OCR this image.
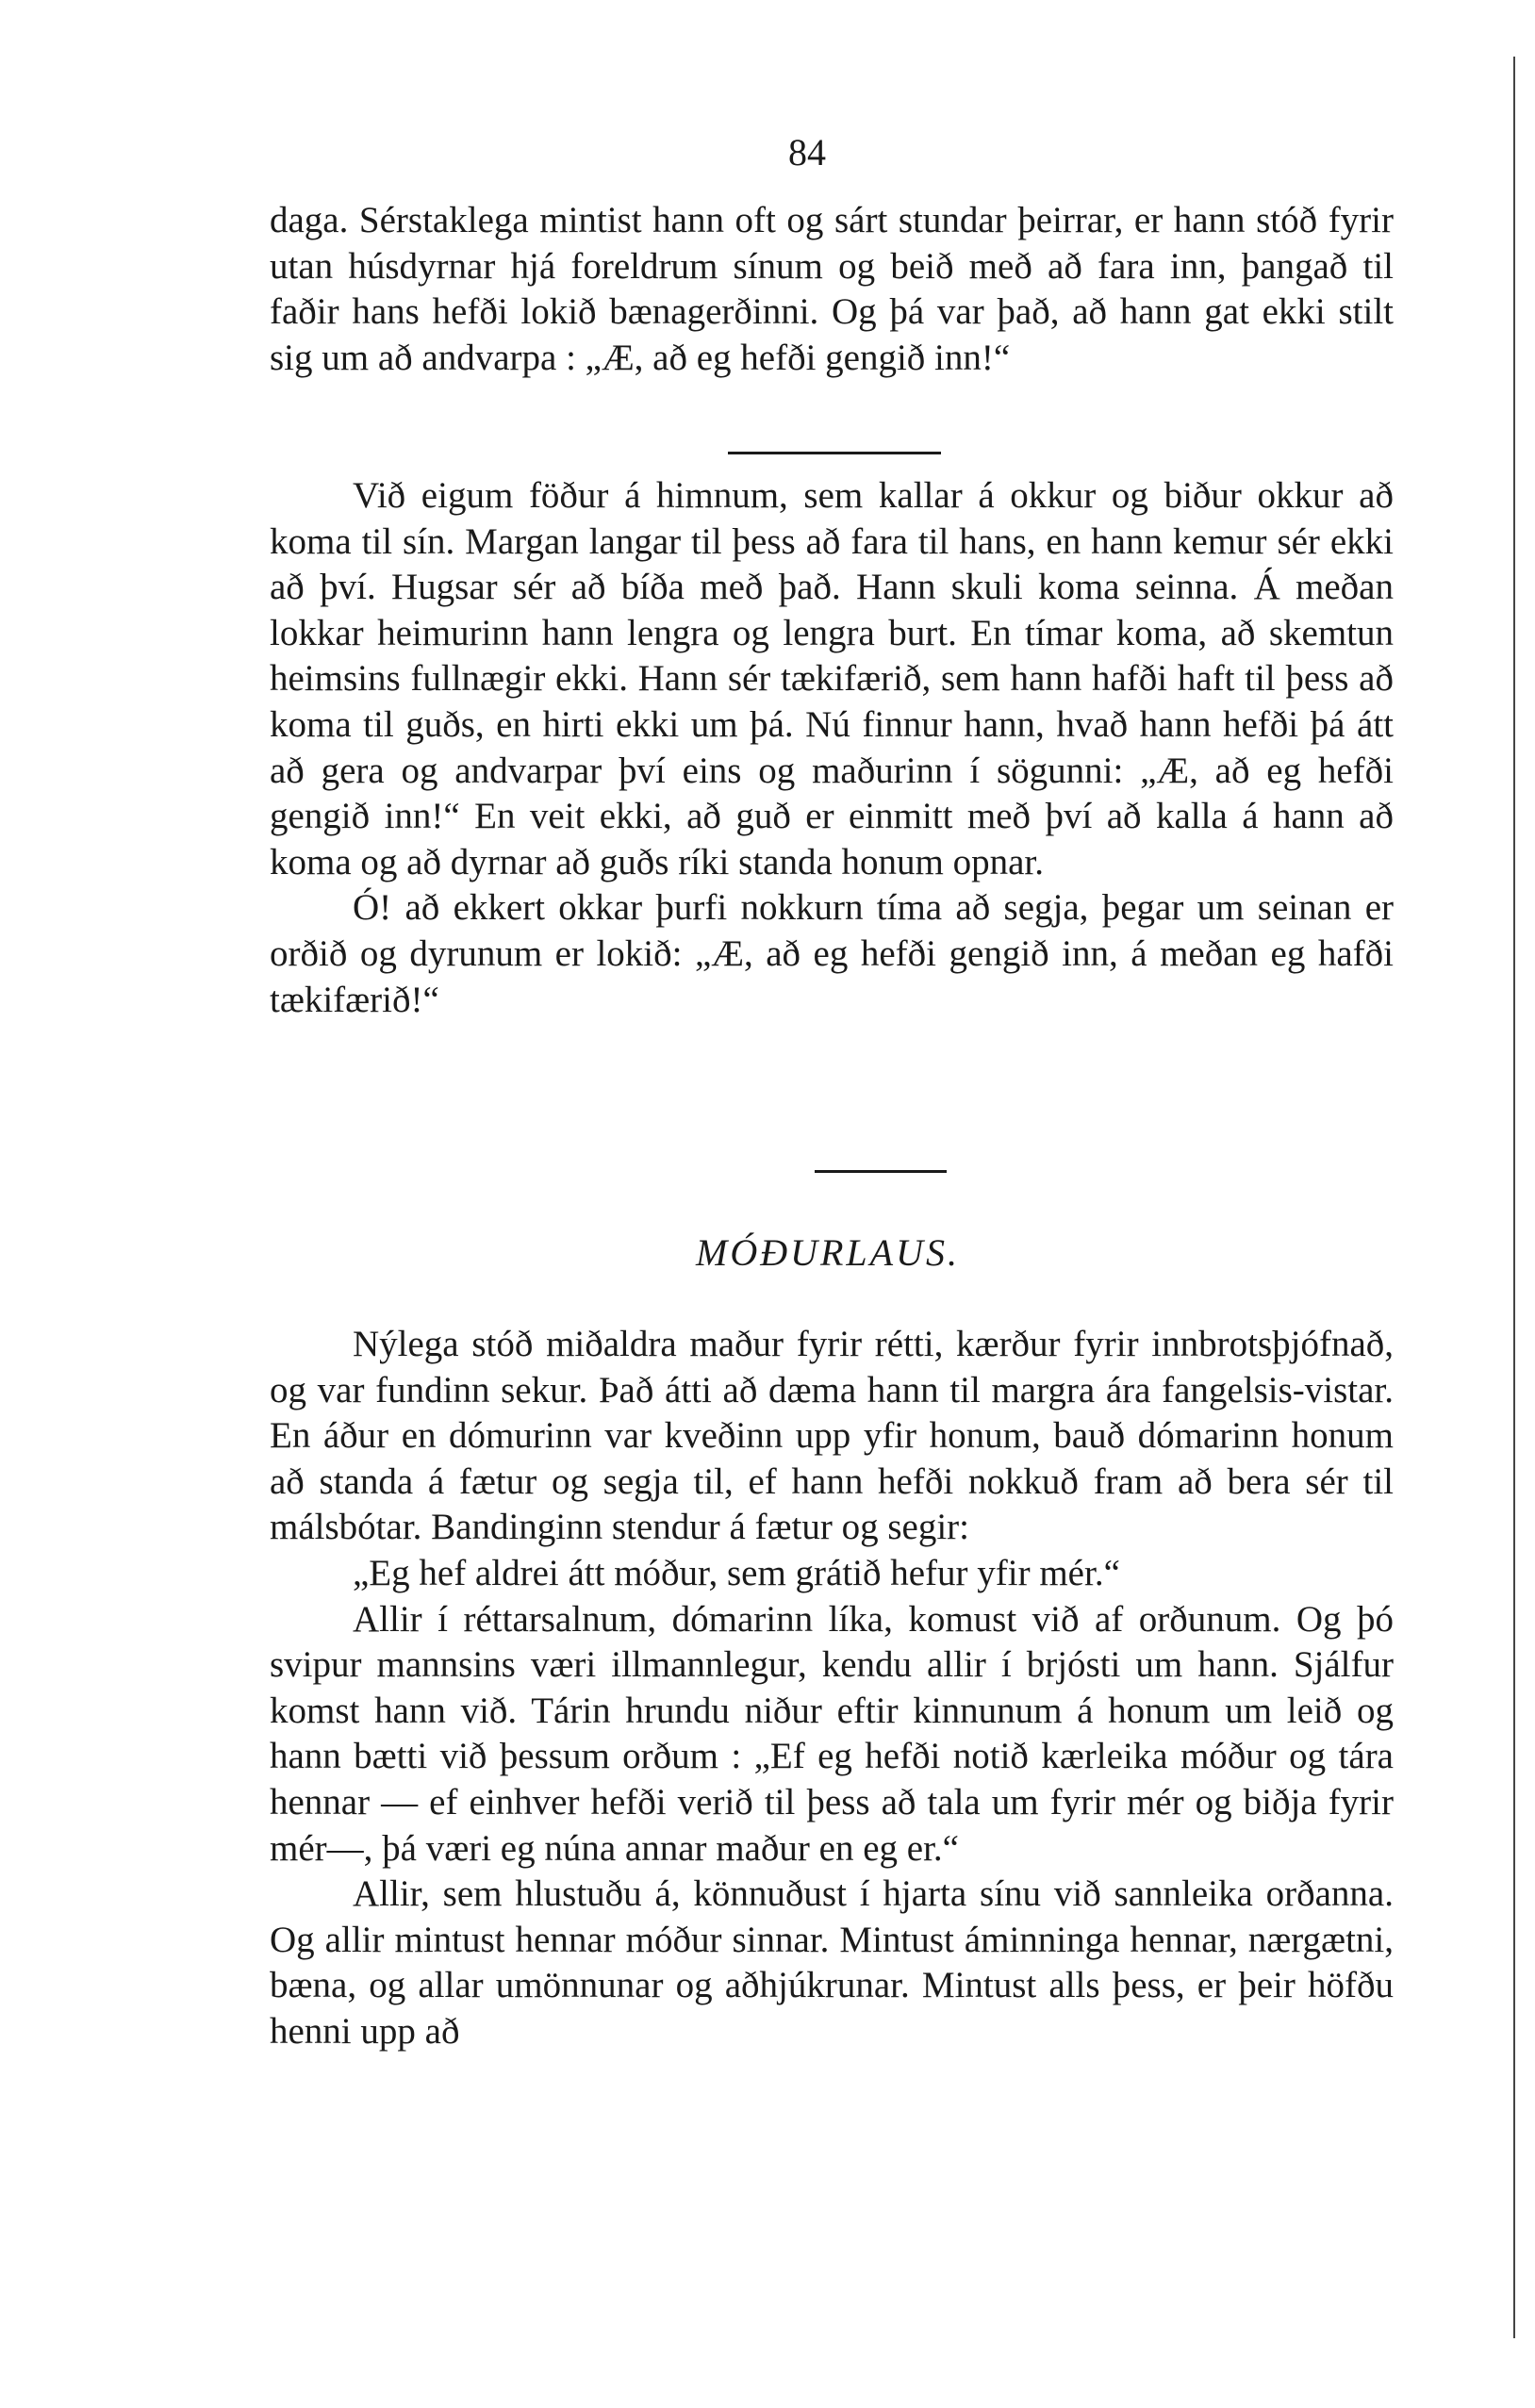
84

daga. Sérstaklega mintist hann oft og sárt stundar þeirrar, er hann stóð fyrir utan húsdyrnar hjá foreldrum sínum og beið með að fara inn, þangað til faðir hans hefði lokið bænagerðinni. Og þá var það, að hann gat ekki stilt sig um að andvarpa : „Æ, að eg hefði gengið inn!“

Við eigum föður á himnum, sem kallar á okkur og biður okkur að koma til sín. Margan langar til þess að fara til hans, en hann kemur sér ekki að því. Hugsar sér að bíða með það. Hann skuli koma seinna. Á meðan lokkar heimurinn hann lengra og lengra burt. En tímar koma, að skemtun heimsins fullnægir ekki. Hann sér tækifærið, sem hann hafði haft til þess að koma til guðs, en hirti ekki um þá. Nú finnur hann, hvað hann hefði þá átt að gera og andvarpar því eins og maðurinn í sögunni: „Æ, að eg hefði gengið inn!“ En veit ekki, að guð er einmitt með því að kalla á hann að koma og að dyrnar að guðs ríki standa honum opnar.

Ó! að ekkert okkar þurfi nokkurn tíma að segja, þegar um seinan er orðið og dyrunum er lokið: „Æ, að eg hefði gengið inn, á meðan eg hafði tækifærið!“

MÓÐURLAUS.

Nýlega stóð miðaldra maður fyrir rétti, kærður fyrir innbrotsþjófnað, og var fundinn sekur. Það átti að dæma hann til margra ára fangelsis-vistar. En áður en dómurinn var kveðinn upp yfir honum, bauð dómarinn honum að standa á fætur og segja til, ef hann hefði nokkuð fram að bera sér til málsbótar. Bandinginn stendur á fætur og segir:

„Eg hef aldrei átt móður, sem grátið hefur yfir mér.“

Allir í réttarsalnum, dómarinn líka, komust við af orðunum. Og þó svipur mannsins væri illmannlegur, kendu allir í brjósti um hann. Sjálfur komst hann við. Tárin hrundu niður eftir kinnunum á honum um leið og hann bætti við þessum orðum : „Ef eg hefði notið kærleika móður og tára hennar — ef einhver hefði verið til þess að tala um fyrir mér og biðja fyrir mér—, þá væri eg núna annar maður en eg er.“

Allir, sem hlustuðu á, könnuðust í hjarta sínu við sannleika orðanna. Og allir mintust hennar móður sinnar. Mintust áminninga hennar, nærgætni, bæna, og allar umönnunar og aðhjúkrunar. Mintust alls þess, er þeir höfðu henni upp að
